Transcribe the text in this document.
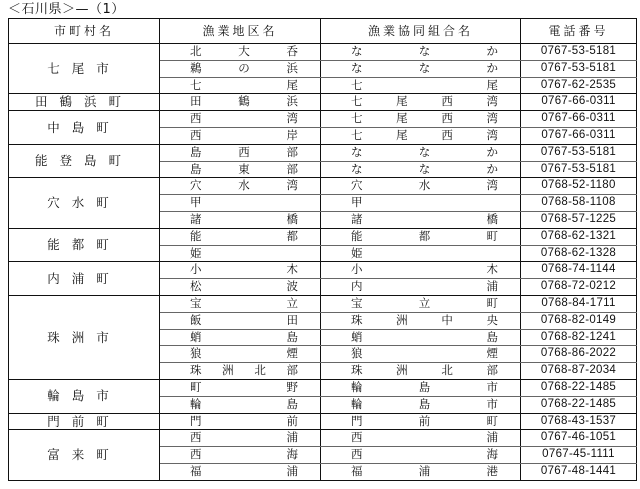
＜石川県＞—（1）
市町村名	漁業地区名	漁業協同組合名	電話番号
七尾市	北大呑	ななか	0767-53-5181
	鵜の浜	ななか	0767-53-5181
	七尾	七尾	0767-62-2535
田鶴浜町	田鶴浜	七尾西湾	0767-66-0311
中島町	西湾	七尾西湾	0767-66-0311
	西岸	七尾西湾	0767-66-0311
能登島町	島西部	ななか	0767-53-5181
	島東部	ななか	0767-53-5181
穴水町	穴水湾	穴水湾	0768-52-1180
	甲	甲	0768-58-1108
	諸橋	諸橋	0768-57-1225
能都町	能都	能都町	0768-62-1321
	姫	姫	0768-62-1328
内浦町	小木	小木	0768-74-1144
	松波	内浦	0768-72-0212
珠洲市	宝立	宝立町	0768-84-1711
	飯田	珠洲中央	0768-82-0149
	蛸島	蛸島	0768-82-1241
	狼煙	狼煙	0768-86-2022
	珠洲北部	珠洲北部	0768-87-2034
輪島市	町野	輪島市	0768-22-1485
	輪島	輪島市	0768-22-1485
門前町	門前	門前町	0768-43-1537
富来町	西浦	西浦	0767-46-1051
	西海	西海	0767-45-1111
	福浦	福浦港	0767-48-1441
